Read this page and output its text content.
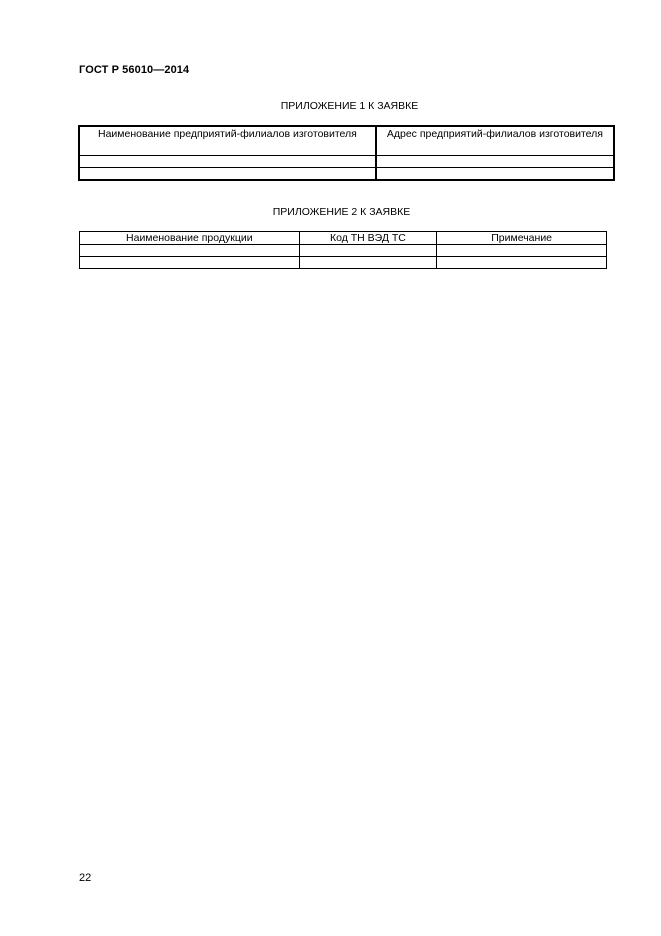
ГОСТ Р 56010—2014
ПРИЛОЖЕНИЕ 1 К ЗАЯВКЕ
Наименование предприятий-филиалов изготовителя	Адрес предприятий-филиалов изготовителя

ПРИЛОЖЕНИЕ 2 К ЗАЯВКЕ
Наименование продукции	Код ТН ВЭД ТС	Примечание

22
